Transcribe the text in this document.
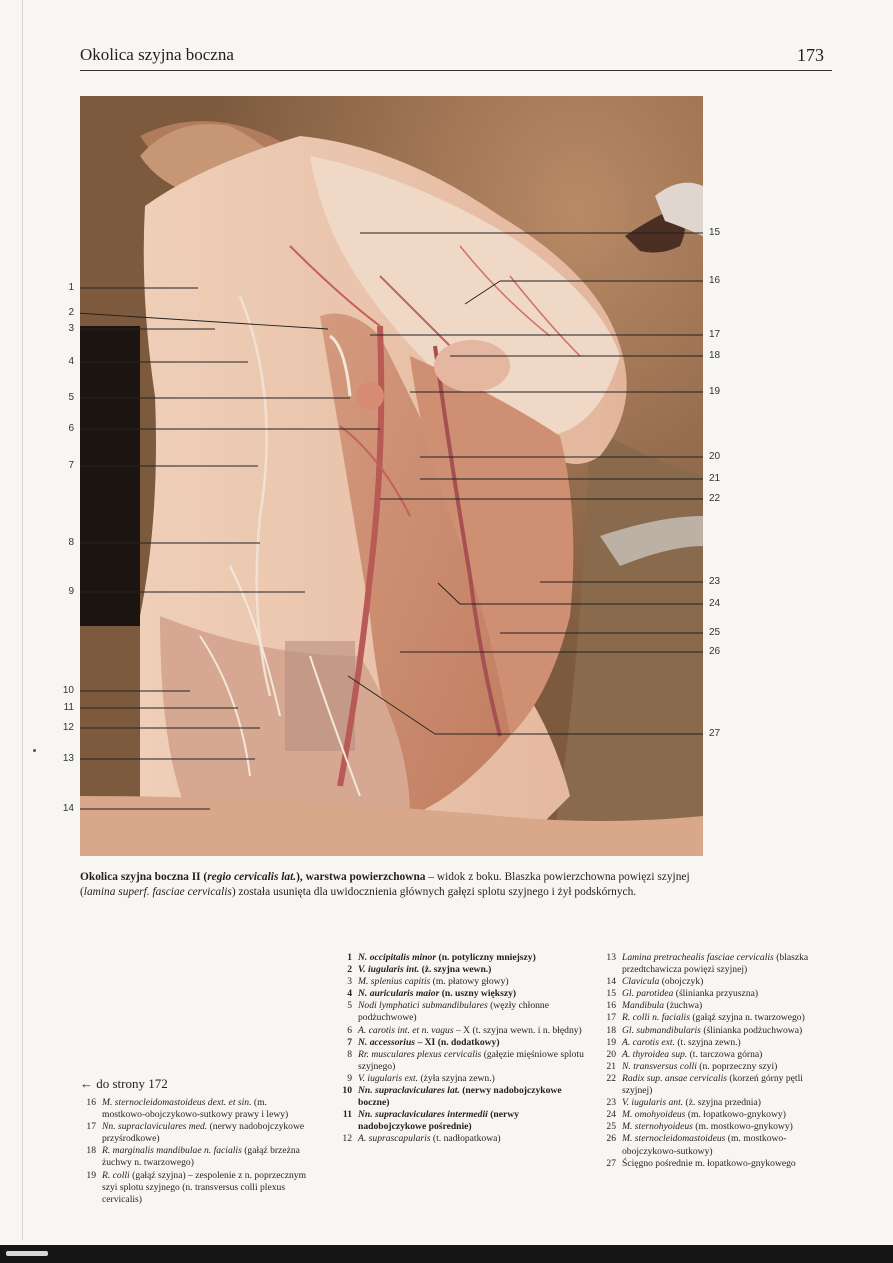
Okolica szyjna boczna	173
1
2
3
4
5
6
7
8
9
10
11
12
13
14
15
16
17
18
19
20
21
22
23
24
25
26
27
Okolica szyjna boczna II (regio cervicalis lat.), warstwa powierzchowna – widok z boku. Blaszka powierzchowna powięzi szyjnej (lamina superf. fasciae cervicalis) została usunięta dla uwidocznienia głównych gałęzi splotu szyjnego i żył podskórnych.
← do strony 172
16 M. sternocleidomastoideus dext. et sin. (m. mostkowo-obojczykowo-sutkowy prawy i lewy)
17 Nn. supraclaviculares med. (nerwy nadobojczykowe przyśrodkowe)
18 R. marginalis mandibulae n. facialis (gałąź brzeżna żuchwy n. twarzowego)
19 R. colli (gałąź szyjna) – zespolenie z n. poprzecznym szyi splotu szyjnego (n. transversus colli plexus cervicalis)
1 N. occipitalis minor (n. potyliczny mniejszy)
2 V. iugularis int. (ż. szyjna wewn.)
3 M. splenius capitis (m. płatowy głowy)
4 N. auricularis maior (n. uszny większy)
5 Nodi lymphatici submandibulares (węzły chłonne podżuchwowe)
6 A. carotis int. et n. vagus – X (t. szyjna wewn. i n. błędny)
7 N. accessorius – XI (n. dodatkowy)
8 Rr. musculares plexus cervicalis (gałęzie mięśniowe splotu szyjnego)
9 V. iugularis ext. (żyła szyjna zewn.)
10 Nn. supraclaviculares lat. (nerwy nadobojczykowe boczne)
11 Nn. supraclaviculares intermedii (nerwy nadobojczykowe pośrednie)
12 A. suprascapularis (t. nadłopatkowa)
13 Lamina pretrachealis fasciae cervicalis (blaszka przedtchawicza powięzi szyjnej)
14 Clavicula (obojczyk)
15 Gl. parotidea (ślinianka przyuszna)
16 Mandibula (żuchwa)
17 R. colli n. facialis (gałąź szyjna n. twarzowego)
18 Gl. submandibularis (ślinianka podżuchwowa)
19 A. carotis ext. (t. szyjna zewn.)
20 A. thyroidea sup. (t. tarczowa górna)
21 N. transversus colli (n. poprzeczny szyi)
22 Radix sup. ansae cervicalis (korzeń górny pętli szyjnej)
23 V. iugularis ant. (ż. szyjna przednia)
24 M. omohyoideus (m. łopatkowo-gnykowy)
25 M. sternohyoideus (m. mostkowo-gnykowy)
26 M. sternocleidomastoideus (m. mostkowo-obojczykowo-sutkowy)
27 Ścięgno pośrednie m. łopatkowo-gnykowego
